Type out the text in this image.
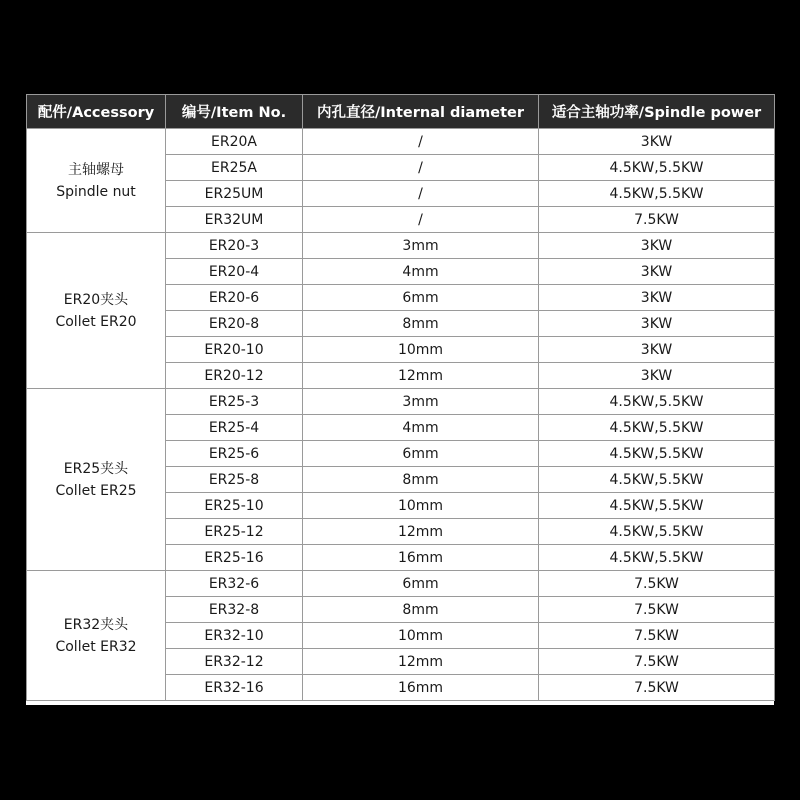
配件/Accessory	编号/Item No.	内孔直径/Internal diameter	适合主轴功率/Spindle power

主轴螺母
Spindle nut	ER20A	/	3KW
	ER25A	/	4.5KW,5.5KW
	ER25UM	/	4.5KW,5.5KW
	ER32UM	/	7.5KW

ER20夹头
Collet ER20	ER20-3	3mm	3KW
	ER20-4	4mm	3KW
	ER20-6	6mm	3KW
	ER20-8	8mm	3KW
	ER20-10	10mm	3KW
	ER20-12	12mm	3KW

ER25夹头
Collet ER25	ER25-3	3mm	4.5KW,5.5KW
	ER25-4	4mm	4.5KW,5.5KW
	ER25-6	6mm	4.5KW,5.5KW
	ER25-8	8mm	4.5KW,5.5KW
	ER25-10	10mm	4.5KW,5.5KW
	ER25-12	12mm	4.5KW,5.5KW
	ER25-16	16mm	4.5KW,5.5KW

ER32夹头
Collet ER32	ER32-6	6mm	7.5KW
	ER32-8	8mm	7.5KW
	ER32-10	10mm	7.5KW
	ER32-12	12mm	7.5KW
	ER32-16	16mm	7.5KW
